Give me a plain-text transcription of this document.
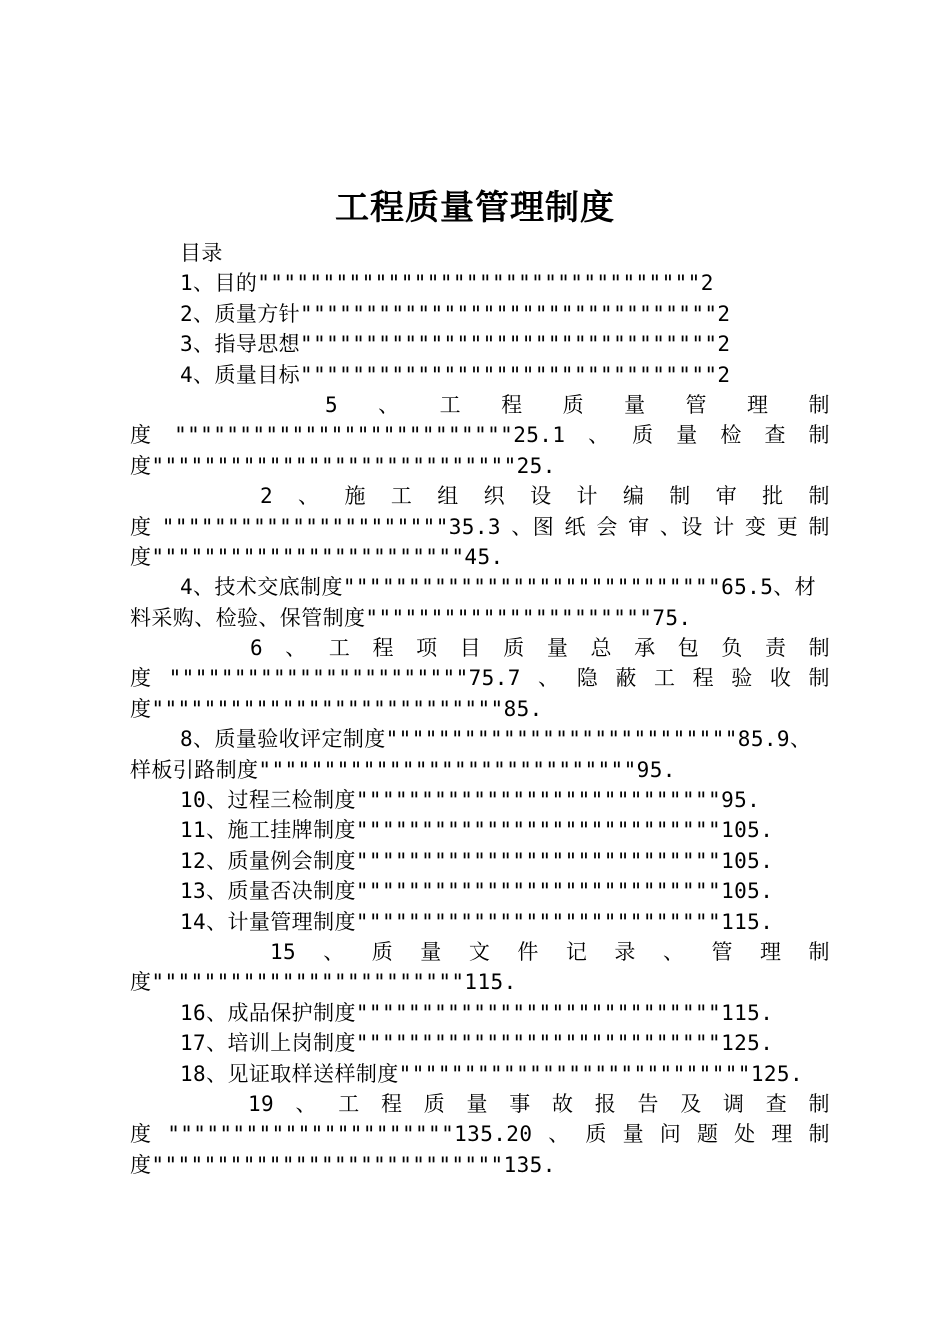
工程质量管理制度
目录
1、目的""""""""""""""""""""""""""""""""""2
2、质量方针""""""""""""""""""""""""""""""""2
3、指导思想""""""""""""""""""""""""""""""""2
4、质量目标""""""""""""""""""""""""""""""""2
5 、 工 程 质 量 管 理 制
度 """"""""""""""""""""""""""25.1 、 质 量 检 查 制
度""""""""""""""""""""""""""""25.
2 、 施 工 组 织 设 计 编 制 审 批 制
度 """"""""""""""""""""""35.3 、图 纸 会 审 、设 计 变 更 制
度""""""""""""""""""""""""45.
4、技术交底制度"""""""""""""""""""""""""""""65.5、材
料采购、检验、保管制度""""""""""""""""""""""75.
6 、 工 程 项 目 质 量 总 承 包 负 责 制
度 """""""""""""""""""""""75.7 、 隐 蔽 工 程 验 收 制
度"""""""""""""""""""""""""""85.
8、质量验收评定制度"""""""""""""""""""""""""""85.9、
样板引路制度"""""""""""""""""""""""""""""95.
10、过程三检制度""""""""""""""""""""""""""""95.
11、施工挂牌制度""""""""""""""""""""""""""""105.
12、质量例会制度""""""""""""""""""""""""""""105.
13、质量否决制度""""""""""""""""""""""""""""105.
14、计量管理制度""""""""""""""""""""""""""""115.
15 、 质 量 文 件 记 录 、 管 理 制
度""""""""""""""""""""""""115.
16、成品保护制度""""""""""""""""""""""""""""115.
17、培训上岗制度""""""""""""""""""""""""""""125.
18、见证取样送样制度"""""""""""""""""""""""""""125.
19 、 工 程 质 量 事 故 报 告 及 调 查 制
度 """"""""""""""""""""""135.20 、 质 量 问 题 处 理 制
度"""""""""""""""""""""""""""135.
